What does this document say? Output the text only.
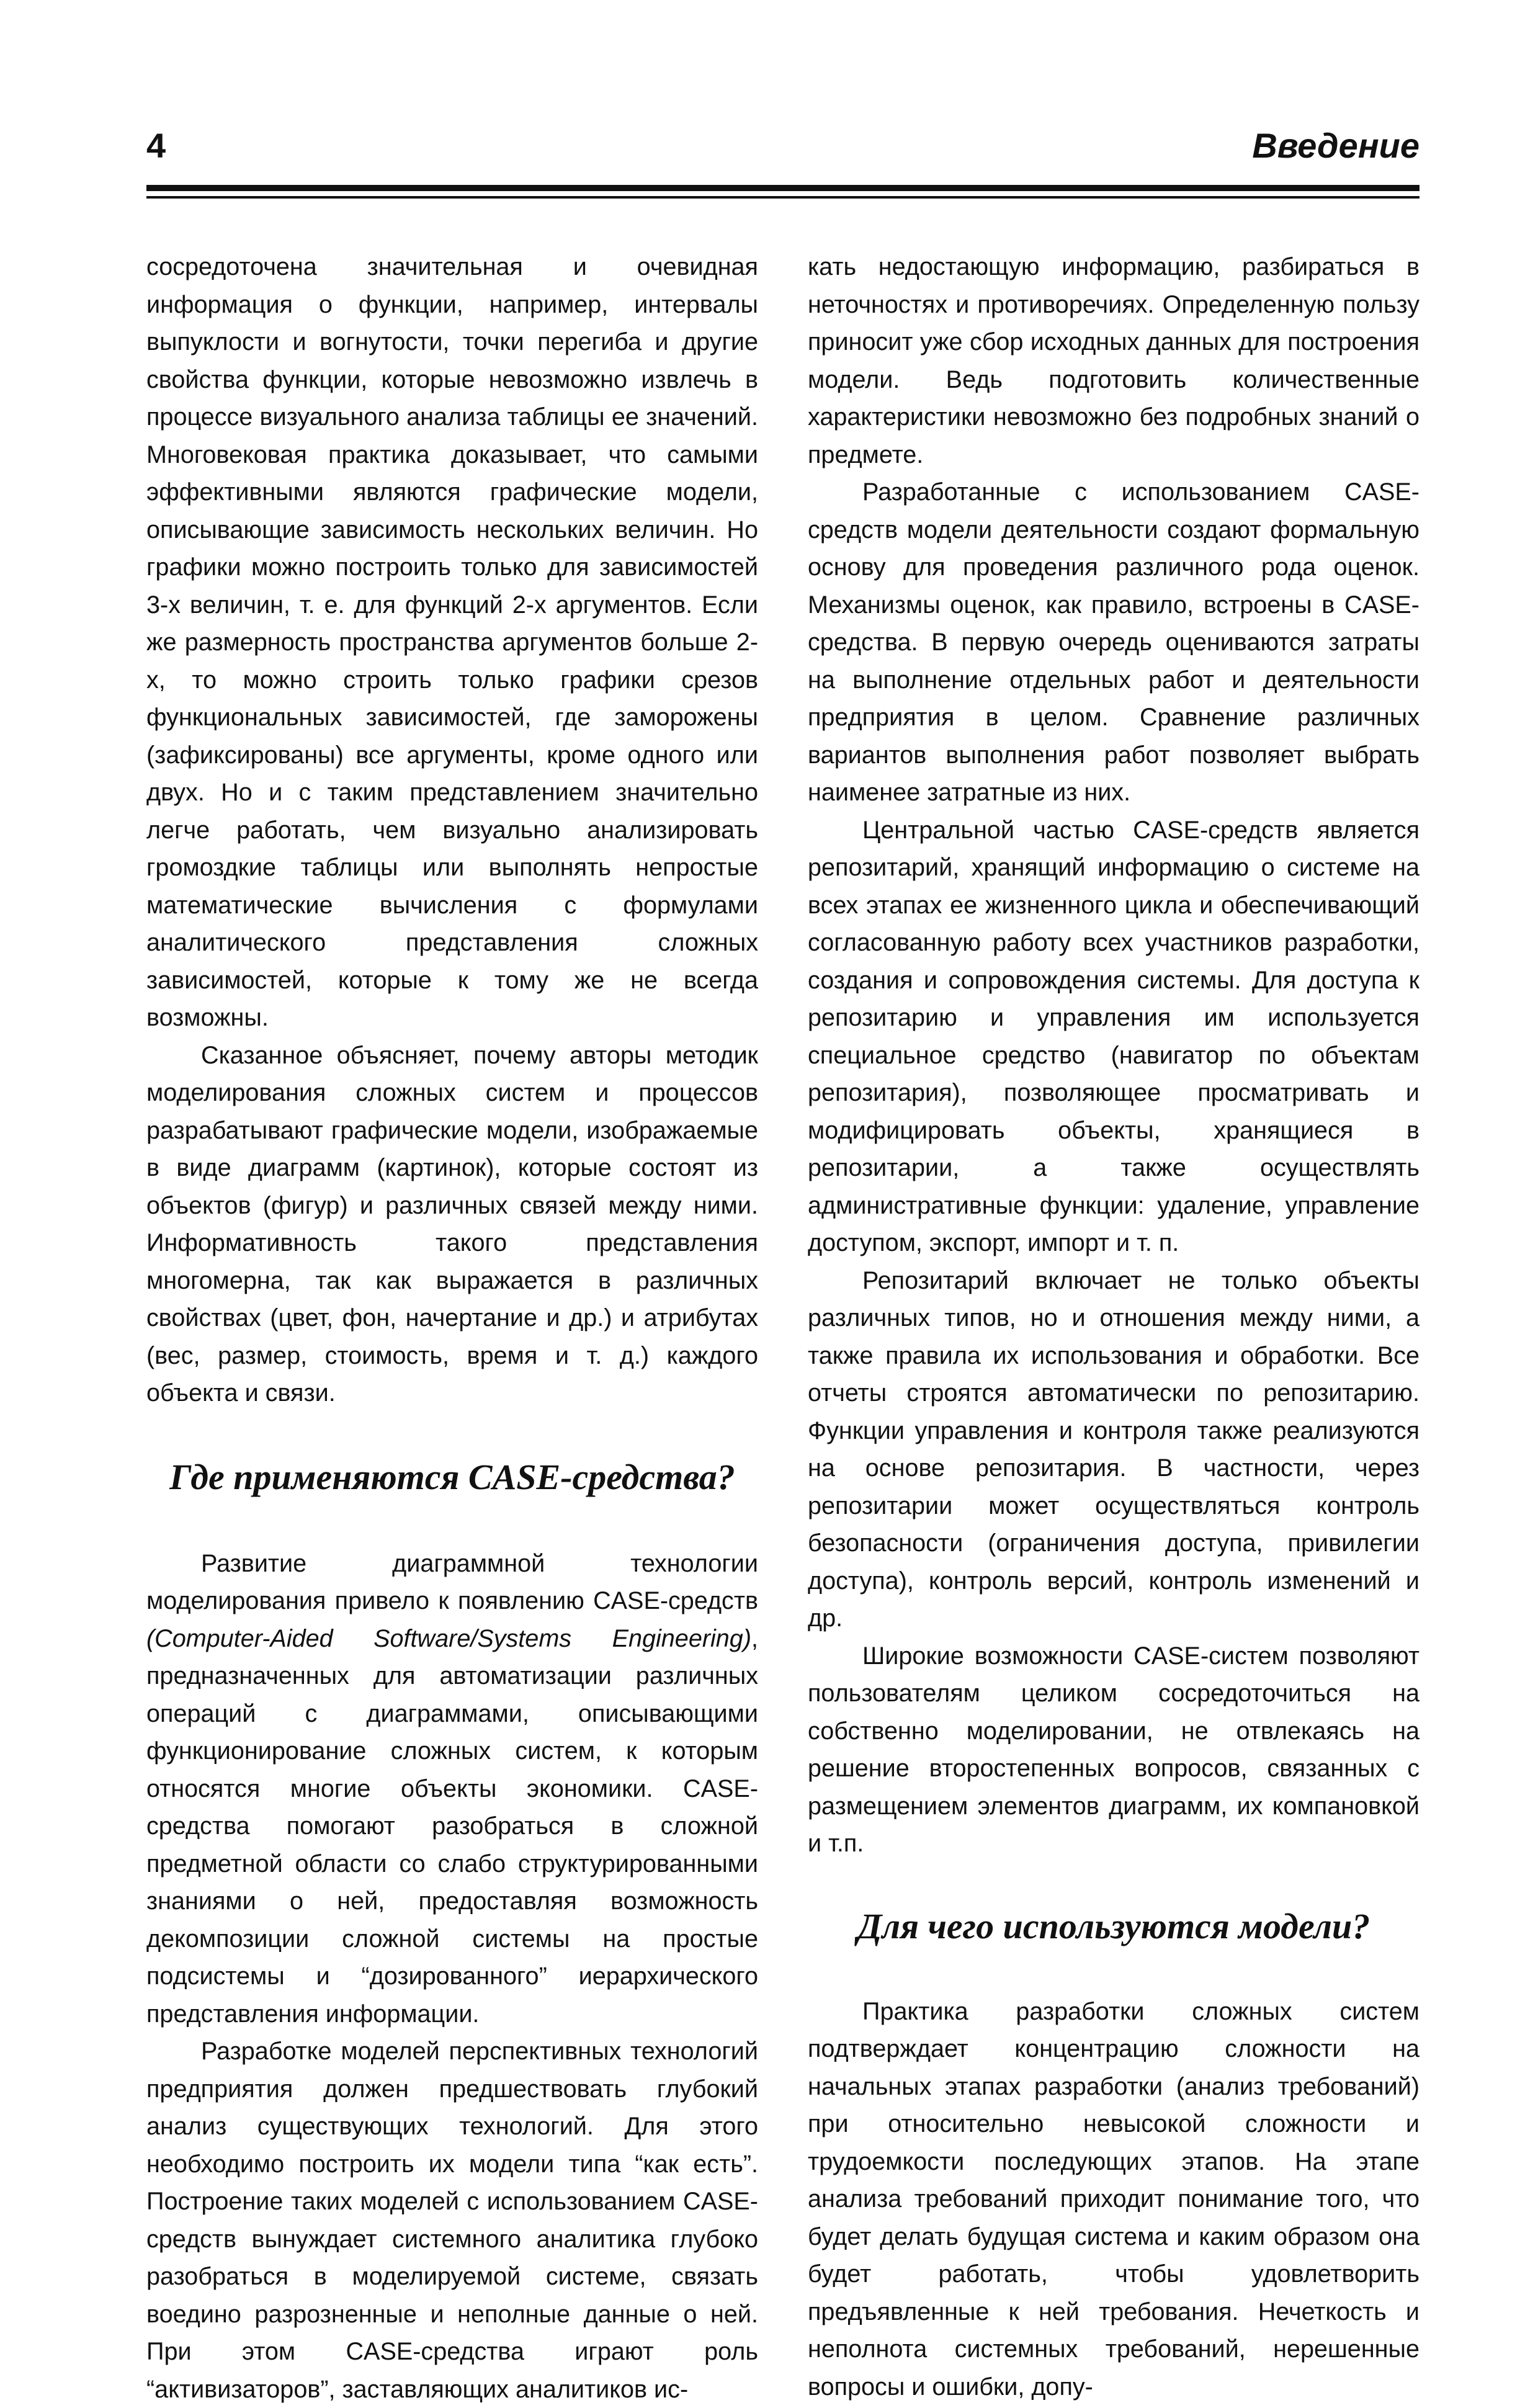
4	Введение

сосредоточена значительная и очевидная информация о функции, например, интервалы выпуклости и вогнутости, точки перегиба и другие свойства функции, которые невозможно извлечь в процессе визуального анализа таблицы ее значений. Многовековая практика доказывает, что самыми эффективными являются графические модели, описывающие зависимость нескольких величин. Но графики можно построить только для зависимостей 3-х величин, т. е. для функций 2-х аргументов. Если же размерность пространства аргументов больше 2-х, то можно строить только графики срезов функциональных зависимостей, где заморожены (зафиксированы) все аргументы, кроме одного или двух. Но и с таким представлением значительно легче работать, чем визуально анализировать громоздкие таблицы или выполнять непростые математические вычисления с формулами аналитического представления сложных зависимостей, которые к тому же не всегда возможны.

Сказанное объясняет, почему авторы методик моделирования сложных систем и процессов разрабатывают графические модели, изображаемые в виде диаграмм (картинок), которые состоят из объектов (фигур) и различных связей между ними. Информативность такого представления многомерна, так как выражается в различных свойствах (цвет, фон, начертание и др.) и атрибутах (вес, размер, стоимость, время и т. д.) каждого объекта и связи.

Где применяются CASE-средства?

Развитие диаграммной технологии моделирования привело к появлению CASE-средств (Computer-Aided Software/Systems Engineering), предназначенных для автоматизации различных операций с диаграммами, описывающими функционирование сложных систем, к которым относятся многие объекты экономики. CASE-средства помогают разобраться в сложной предметной области со слабо структурированными знаниями о ней, предоставляя возможность декомпозиции сложной системы на простые подсистемы и “дозированного” иерархического представления информации.

Разработке моделей перспективных технологий предприятия должен предшествовать глубокий анализ существующих технологий. Для этого необходимо построить их модели типа “как есть”. Построение таких моделей с использованием CASE-средств вынуждает системного аналитика глубоко разобраться в моделируемой системе, связать воедино разрозненные и неполные данные о ней. При этом CASE-средства играют роль “активизаторов”, заставляющих аналитиков ис-

кать недостающую информацию, разбираться в неточностях и противоречиях. Определенную пользу приносит уже сбор исходных данных для построения модели. Ведь подготовить количественные характеристики невозможно без подробных знаний о предмете.

Разработанные с использованием CASE-средств модели деятельности создают формальную основу для проведения различного рода оценок. Механизмы оценок, как правило, встроены в CASE-средства. В первую очередь оцениваются затраты на выполнение отдельных работ и деятельности предприятия в целом. Сравнение различных вариантов выполнения работ позволяет выбрать наименее затратные из них.

Центральной частью CASE-средств является репозитарий, хранящий информацию о системе на всех этапах ее жизненного цикла и обеспечивающий согласованную работу всех участников разработки, создания и сопровождения системы. Для доступа к репозитарию и управления им используется специальное средство (навигатор по объектам репозитария), позволяющее просматривать и модифицировать объекты, хранящиеся в репозитарии, а также осуществлять административные функции: удаление, управление доступом, экспорт, импорт и т. п.

Репозитарий включает не только объекты различных типов, но и отношения между ними, а также правила их использования и обработки. Все отчеты строятся автоматически по репозитарию. Функции управления и контроля также реализуются на основе репозитария. В частности, через репозитарии может осуществляться контроль безопасности (ограничения доступа, привилегии доступа), контроль версий, контроль изменений и др.

Широкие возможности CASE-систем позволяют пользователям целиком сосредоточиться на собственно моделировании, не отвлекаясь на решение второстепенных вопросов, связанных с размещением элементов диаграмм, их компановкой и т.п.

Для чего используются модели?

Практика разработки сложных систем подтверждает концентрацию сложности на начальных этапах разработки (анализ требований) при относительно невысокой сложности и трудоемкости последующих этапов. На этапе анализа требований приходит понимание того, что будет делать будущая система и каким образом она будет работать, чтобы удовлетворить предъявленные к ней требования. Нечеткость и неполнота системных требований, нерешенные вопросы и ошибки, допу-
